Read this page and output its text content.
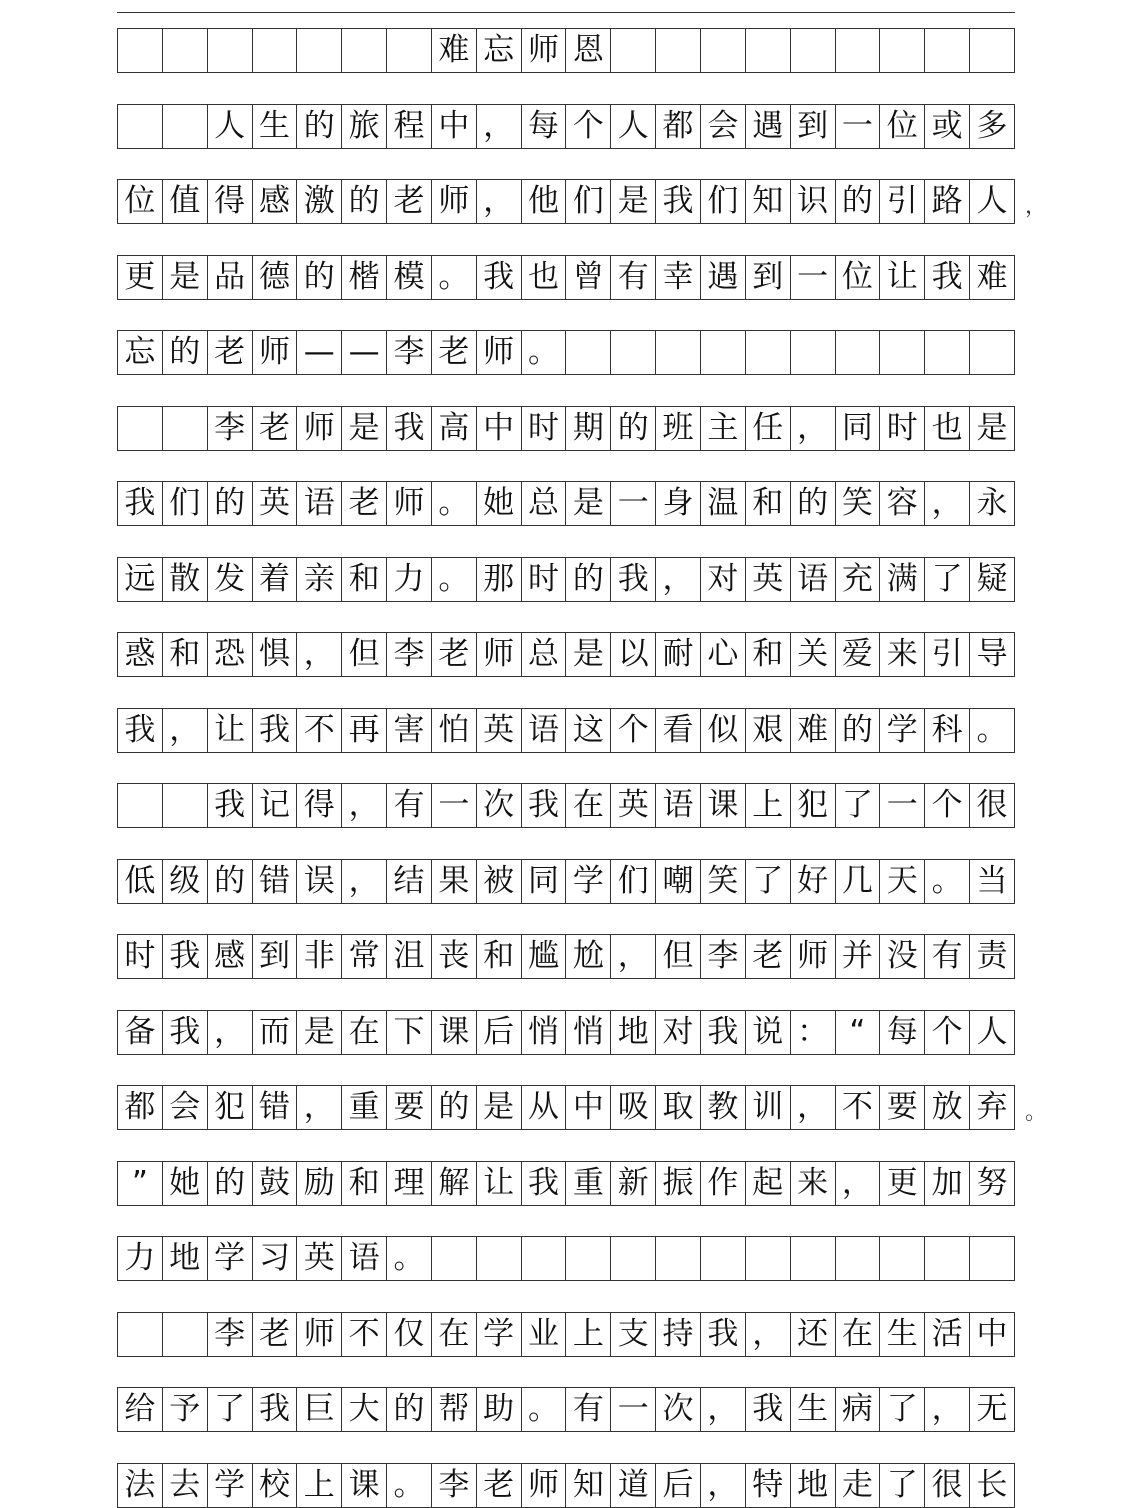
难 忘 师 恩
人 生 的 旅 程 中 ， 每 个 人 都 会 遇 到 一 位 或 多
位 值 得 感 激 的 老 师 ， 他 们 是 我 们 知 识 的 引 路 人
更 是 品 德 的 楷 模 。 我 也 曾 有 幸 遇 到 一 位 让 我 难
忘 的 老 师 — — 李 老 师 。
李 老 师 是 我 高 中 时 期 的 班 主 任 ， 同 时 也 是
我 们 的 英 语 老 师 。 她 总 是 一 身 温 和 的 笑 容 ， 永
远 散 发 着 亲 和 力 。 那 时 的 我 ， 对 英 语 充 满 了 疑
惑 和 恐 惧 ， 但 李 老 师 总 是 以 耐 心 和 关 爱 来 引 导
我 ， 让 我 不 再 害 怕 英 语 这 个 看 似 艰 难 的 学 科 。
我 记 得 ， 有 一 次 我 在 英 语 课 上 犯 了 一 个 很
低 级 的 错 误 ， 结 果 被 同 学 们 嘲 笑 了 好 几 天 。 当
时 我 感 到 非 常 沮 丧 和 尴 尬 ， 但 李 老 师 并 没 有 责
备 我 ， 而 是 在 下 课 后 悄 悄 地 对 我 说 ： “ 每 个 人
都 会 犯 错 ， 重 要 的 是 从 中 吸 取 教 训 ， 不 要 放 弃
” 她 的 鼓 励 和 理 解 让 我 重 新 振 作 起 来 ， 更 加 努
力 地 学 习 英 语 。
李 老 师 不 仅 在 学 业 上 支 持 我 ， 还 在 生 活 中
给 予 了 我 巨 大 的 帮 助 。 有 一 次 ， 我 生 病 了 ， 无
法 去 学 校 上 课 。 李 老 师 知 道 后 ， 特 地 走 了 很 长
，
。
